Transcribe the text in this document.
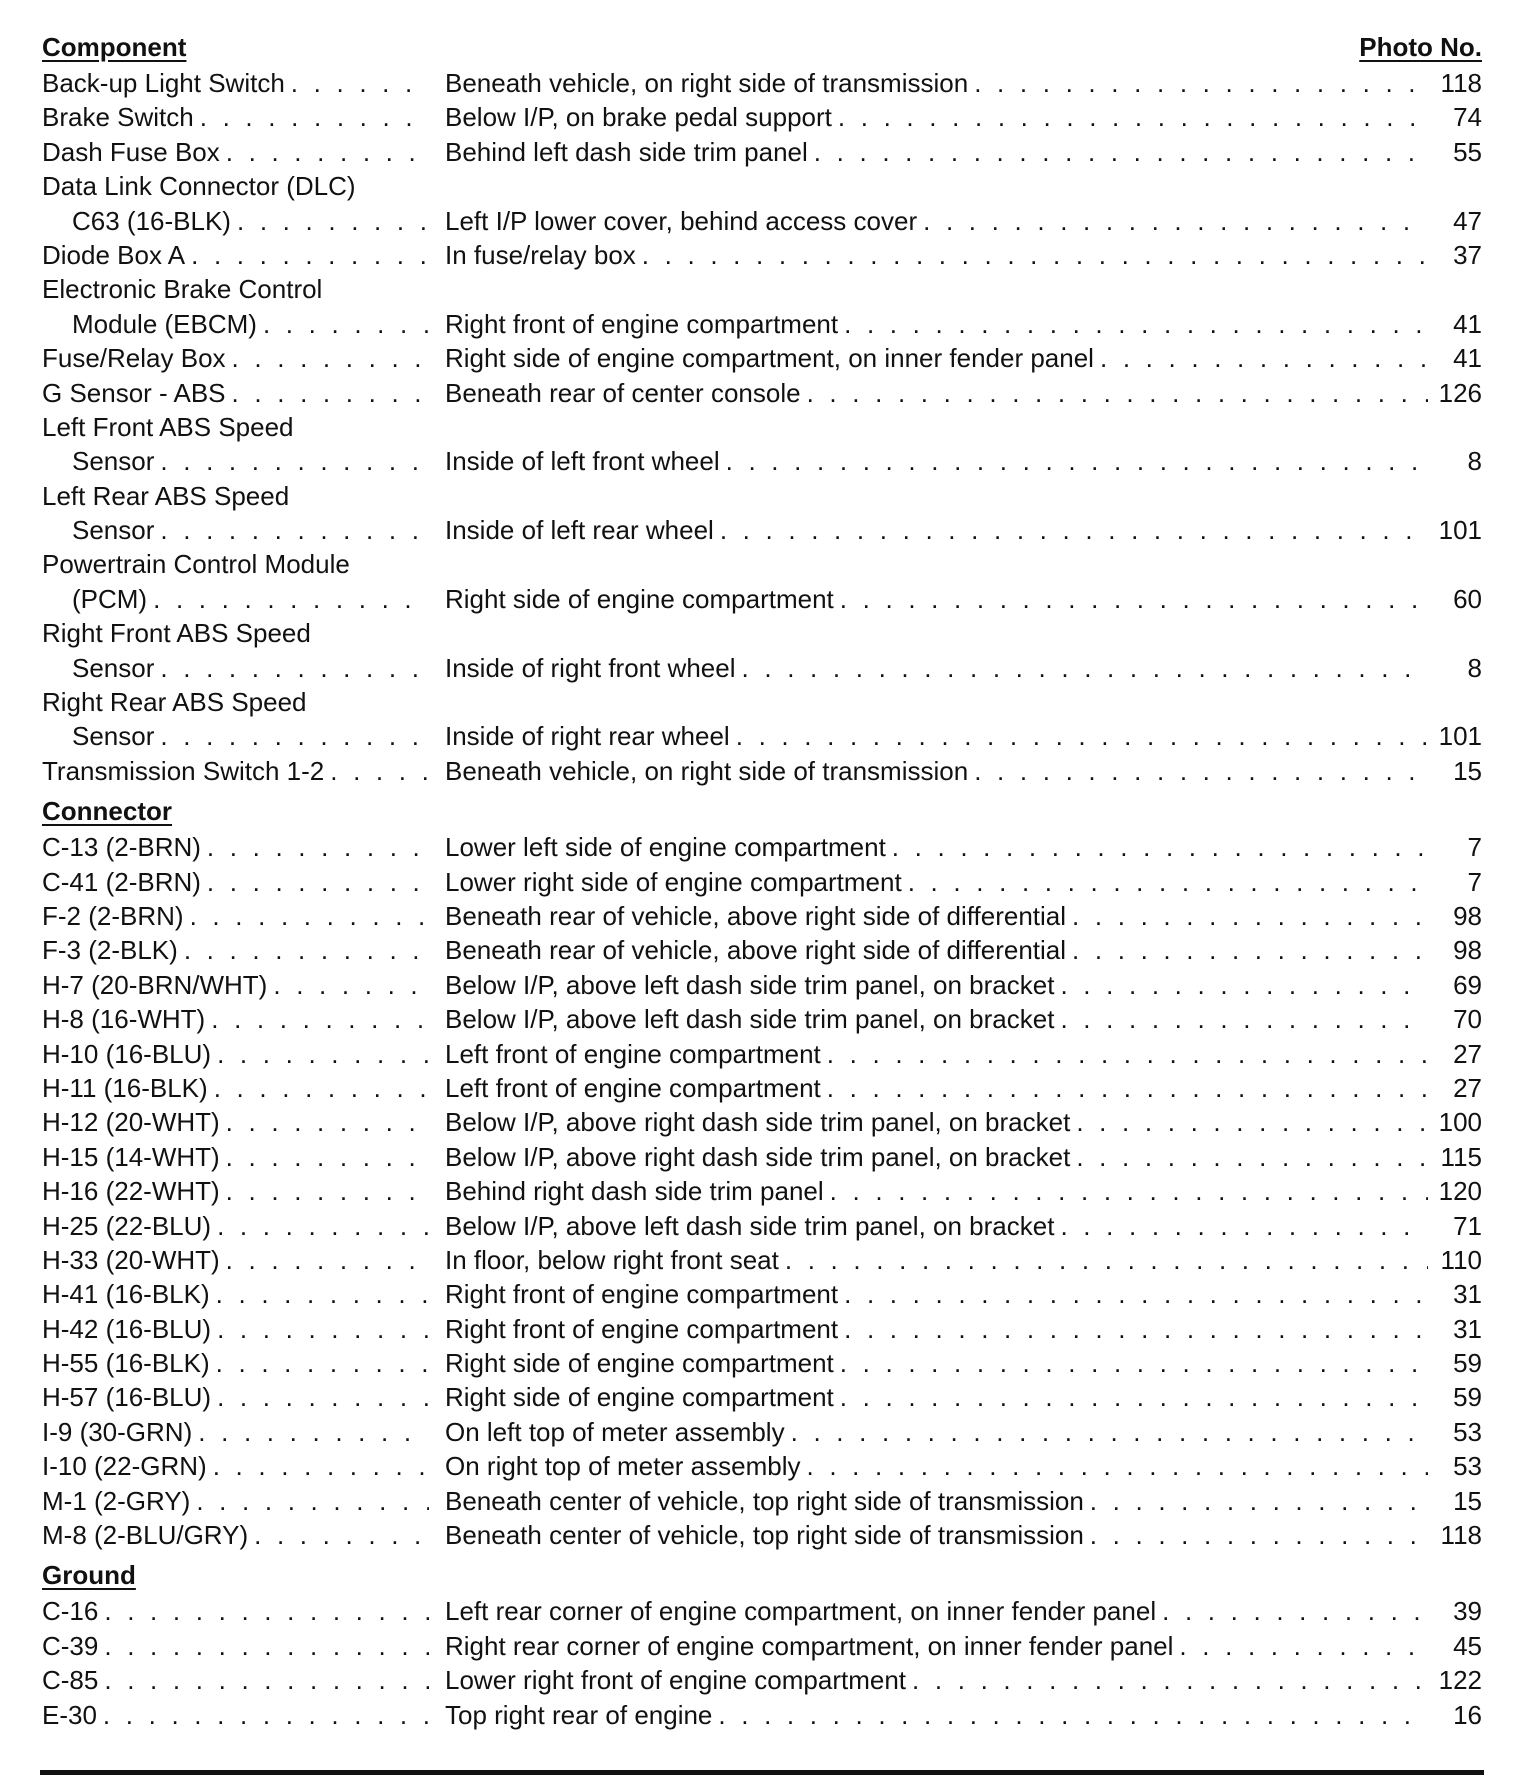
Component	Photo No.
Back-up Light Switch . . .	Beneath vehicle, on right side of transmission . . .	118
Brake Switch . . .	Below I/P, on brake pedal support . . .	74
Dash Fuse Box . . .	Behind left dash side trim panel . . .	55
Data Link Connector (DLC)
C63 (16-BLK) . . .	Left I/P lower cover, behind access cover . . .	47
Diode Box A . . .	In fuse/relay box . . .	37
Electronic Brake Control
Module (EBCM) . . .	Right front of engine compartment . . .	41
Fuse/Relay Box . . .	Right side of engine compartment, on inner fender panel . . .	41
G Sensor - ABS . . .	Beneath rear of center console . . .	126
Left Front ABS Speed
Sensor . . .	Inside of left front wheel . . .	8
Left Rear ABS Speed
Sensor . . .	Inside of left rear wheel . . .	101
Powertrain Control Module
(PCM) . . .	Right side of engine compartment . . .	60
Right Front ABS Speed
Sensor . . .	Inside of right front wheel . . .	8
Right Rear ABS Speed
Sensor . . .	Inside of right rear wheel . . .	101
Transmission Switch 1-2 . . .	Beneath vehicle, on right side of transmission . . .	15
Connector
C-13 (2-BRN) . . .	Lower left side of engine compartment . . .	7
C-41 (2-BRN) . . .	Lower right side of engine compartment . . .	7
F-2 (2-BRN) . . .	Beneath rear of vehicle, above right side of differential . . .	98
F-3 (2-BLK) . . .	Beneath rear of vehicle, above right side of differential . . .	98
H-7 (20-BRN/WHT) . . .	Below I/P, above left dash side trim panel, on bracket . . .	69
H-8 (16-WHT) . . .	Below I/P, above left dash side trim panel, on bracket . . .	70
H-10 (16-BLU) . . .	Left front of engine compartment . . .	27
H-11 (16-BLK) . . .	Left front of engine compartment . . .	27
H-12 (20-WHT) . . .	Below I/P, above right dash side trim panel, on bracket . . .	100
H-15 (14-WHT) . . .	Below I/P, above right dash side trim panel, on bracket . . .	115
H-16 (22-WHT) . . .	Behind right dash side trim panel . . .	120
H-25 (22-BLU) . . .	Below I/P, above left dash side trim panel, on bracket . . .	71
H-33 (20-WHT) . . .	In floor, below right front seat . . .	110
H-41 (16-BLK) . . .	Right front of engine compartment . . .	31
H-42 (16-BLU) . . .	Right front of engine compartment . . .	31
H-55 (16-BLK) . . .	Right side of engine compartment . . .	59
H-57 (16-BLU) . . .	Right side of engine compartment . . .	59
I-9 (30-GRN) . . .	On left top of meter assembly . . .	53
I-10 (22-GRN) . . .	On right top of meter assembly . . .	53
M-1 (2-GRY) . . .	Beneath center of vehicle, top right side of transmission . . .	15
M-8 (2-BLU/GRY) . . .	Beneath center of vehicle, top right side of transmission . . .	118
Ground
C-16 . . .	Left rear corner of engine compartment, on inner fender panel . . .	39
C-39 . . .	Right rear corner of engine compartment, on inner fender panel . . .	45
C-85 . . .	Lower right front of engine compartment . . .	122
E-30 . . .	Top right rear of engine . . .	16
